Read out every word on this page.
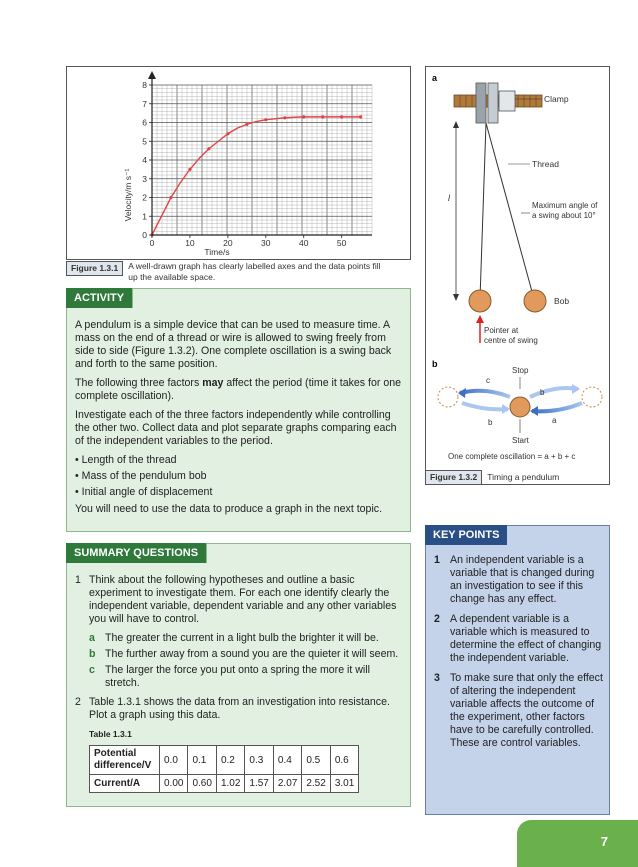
0
1
2
3
4
5
6
7
8
0	10	20	30	40	50
Time/s
Velocity/m s⁻¹
Figure 1.3.1 A well-drawn graph has clearly labelled axes and the data points fill up the available space.
ACTIVITY

A pendulum is a simple device that can be used to measure time. A mass on the end of a thread or wire is allowed to swing freely from side to side (Figure 1.3.2). One complete oscillation is a swing back and forth to the same position.

The following three factors may affect the period (time it takes for one complete oscillation).

Investigate each of the three factors independently while controlling the other two. Collect data and plot separate graphs comparing each of the independent variables to the period.

• Length of the thread
• Mass of the pendulum bob
• Initial angle of displacement

You will need to use the data to produce a graph in the next topic.

SUMMARY QUESTIONS
1 Think about the following hypotheses and outline a basic experiment to investigate them. For each one identify clearly the independent variable, dependent variable and any other variables you will have to control.
a The greater the current in a light bulb the brighter it will be.
b The further away from a sound you are the quieter it will seem.
c The larger the force you put onto a spring the more it will stretch.
2 Table 1.3.1 shows the data from an investigation into resistance. Plot a graph using this data.
Table 1.3.1
Potential difference/V	0.0	0.1	0.2	0.3	0.4	0.5	0.6
Current/A	0.00	0.60	1.02	1.57	2.07	2.52	3.01
a
Clamp
Thread
l
Maximum angle of
a swing about 10°
Bob
Pointer at
centre of swing
b
Stop
c
b
b
a
Start
One complete oscillation = a + b + c
Figure 1.3.2 Timing a pendulum
KEY POINTS
1 An independent variable is a variable that is changed during an investigation to see if this change has any effect.
2 A dependent variable is a variable which is measured to determine the effect of changing the independent variable.
3 To make sure that only the effect of altering the independent variable affects the outcome of the experiment, other factors have to be carefully controlled. These are control variables.
7
